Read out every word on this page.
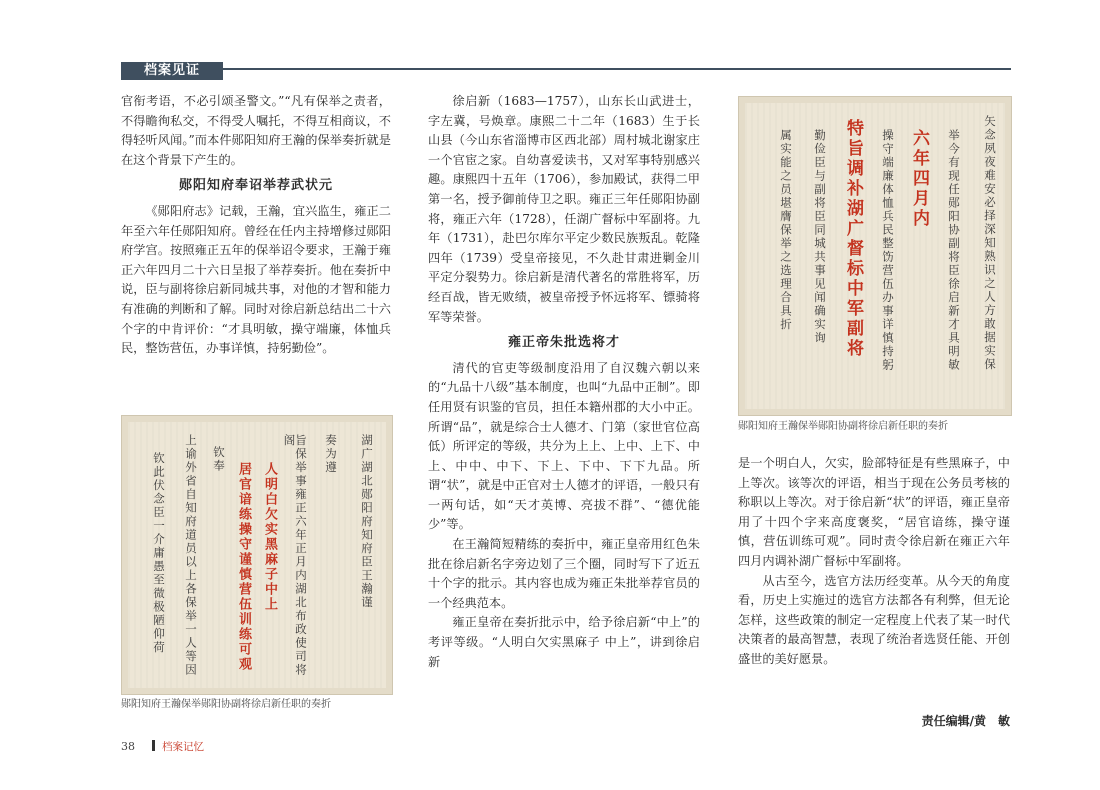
档案见证

官衔考语，不必引颂圣警文。”“凡有保举之责者，不得瞻徇私交，不得受人嘱托，不得互相商议，不得轻听风闻。”而本件郧阳知府王瀚的保举奏折就是在这个背景下产生的。

郧阳知府奉诏举荐武状元

《郧阳府志》记载，王瀚，宜兴监生，雍正二年至六年任郧阳知府。曾经在任内主持增修过郧阳府学宫。按照雍正五年的保举诏令要求，王瀚于雍正六年四月二十六日呈报了举荐奏折。他在奏折中说，臣与副将徐启新同城共事，对他的才智和能力有准确的判断和了解。同时对徐启新总结出二十六个字的中肯评价：“才具明敏，操守端廉，体恤兵民，整饬营伍，办事详慎，持躬勤俭”。

湖广湖北郧阳府知府臣王瀚谨
奏为遵
旨保举事雍正六年正月内湖北布政使司将阁
人明白欠实黑麻子中上
居官谙练操守谨慎营伍训练可观
钦奉
上谕外省自知府道员以上各保举一人等因
钦此伏念臣一介庸愚至微极陋仰荷
郧阳知府王瀚保举郧阳协副将徐启新任职的奏折

徐启新（1683—1757），山东长山武进士，字左冀，号焕章。康熙二十二年（1683）生于长山县（今山东省淄博市区西北部）周村城北谢家庄一个官宦之家。自幼喜爱读书，又对军事特别感兴趣。康熙四十五年（1706），参加殿试，获得二甲第一名，授予御前侍卫之职。雍正三年任郧阳协副将，雍正六年（1728），任湖广督标中军副将。九年（1731），赴巴尔库尔平定少数民族叛乱。乾隆四年（1739）受皇帝接见，不久赴甘肃进剿金川平定分裂势力。徐启新是清代著名的常胜将军，历经百战，皆无败绩，被皇帝授予怀远将军、镖骑将军等荣誉。

雍正帝朱批选将才

清代的官吏等级制度沿用了自汉魏六朝以来的“九品十八级”基本制度，也叫“九品中正制”。即任用贤有识鉴的官员，担任本籍州郡的大小中正。所谓“品”，就是综合士人德才、门第（家世官位高低）所评定的等级，共分为上上、上中、上下、中上、中中、中下、下上、下中、下下九品。所谓“状”，就是中正官对士人德才的评语，一般只有一两句话，如“天才英博、亮拔不群”、“德优能少”等。

在王瀚简短精练的奏折中，雍正皇帝用红色朱批在徐启新名字旁边划了三个圈，同时写下了近五十个字的批示。其内容也成为雍正朱批举荐官员的一个经典范本。

雍正皇帝在奏折批示中，给予徐启新“中上”的考评等级。“人明白欠实黑麻子 中上”，讲到徐启新

矢念夙夜难安必择深知熟识之人方敢据实保
举今有现任郧阳协副将臣徐启新才具明敏
六年四月内
操守端廉体恤兵民整饬营伍办事详慎持躬
特旨调补湖广督标中军副将
勤俭臣与副将臣同城共事见闻确实询
属实能之员堪膺保举之选理合具折
郧阳知府王瀚保举郧阳协副将徐启新任职的奏折

是一个明白人，欠实，脸部特征是有些黑麻子，中上等次。该等次的评语，相当于现在公务员考核的称职以上等次。对于徐启新“状”的评语，雍正皇帝用了十四个字来高度褒奖，“居官谙练，操守谨慎，营伍训练可观”。同时责令徐启新在雍正六年四月内调补湖广督标中军副将。

从古至今，选官方法历经变革。从今天的角度看，历史上实施过的选官方法都各有利弊，但无论怎样，这些政策的制定一定程度上代表了某一时代决策者的最高智慧，表现了统治者选贤任能、开创盛世的美好愿景。

责任编辑/黄　敏
38	档案记忆
